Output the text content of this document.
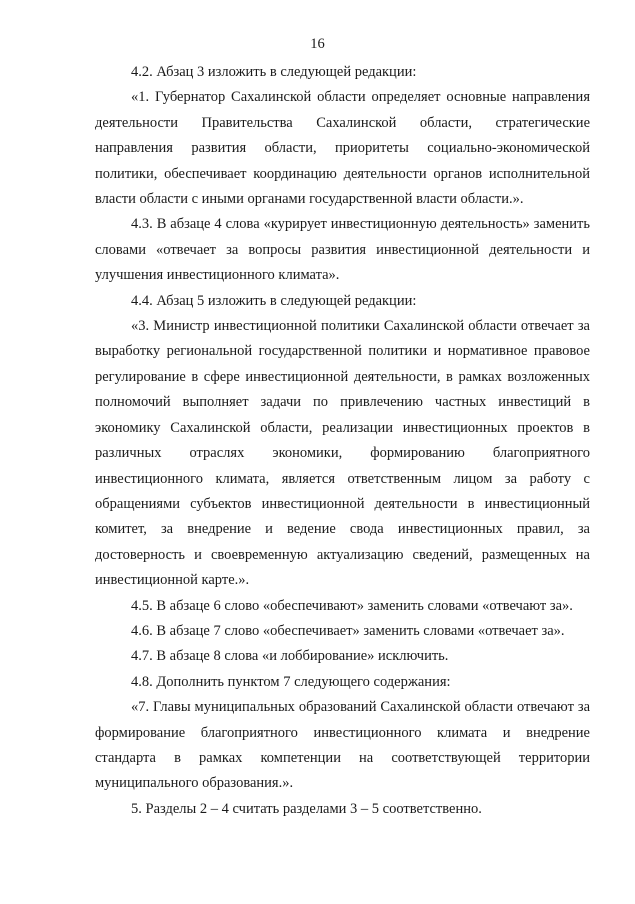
16

4.2. Абзац 3 изложить в следующей редакции:

«1. Губернатор Сахалинской области определяет основные направления деятельности Правительства Сахалинской области, стратегические направления развития области, приоритеты социально-экономической политики, обеспечивает координацию деятельности органов исполнительной власти области с иными органами государственной власти области.».

4.3. В абзаце 4 слова «курирует инвестиционную деятельность» заменить словами «отвечает за вопросы развития инвестиционной деятельности и улучшения инвестиционного климата».

4.4. Абзац 5 изложить в следующей редакции:

«3. Министр инвестиционной политики Сахалинской области отвечает за выработку региональной государственной политики и нормативное правовое регулирование в сфере инвестиционной деятельности, в рамках возложенных полномочий выполняет задачи по привлечению частных инвестиций в экономику Сахалинской области, реализации инвестиционных проектов в различных отраслях экономики, формированию благоприятного инвестиционного климата, является ответственным лицом за работу с обращениями субъектов инвестиционной деятельности в инвестиционный комитет, за внедрение и ведение свода инвестиционных правил, за достоверность и своевременную актуализацию сведений, размещенных на инвестиционной карте.».

4.5. В абзаце 6 слово «обеспечивают» заменить словами «отвечают за».

4.6. В абзаце 7 слово «обеспечивает» заменить словами «отвечает за».

4.7. В абзаце 8 слова «и лоббирование» исключить.

4.8. Дополнить пунктом 7 следующего содержания:

«7. Главы муниципальных образований Сахалинской области отвечают за формирование благоприятного инвестиционного климата и внедрение стандарта в рамках компетенции на соответствующей территории муниципального образования.».

5. Разделы 2 – 4 считать разделами 3 – 5 соответственно.
